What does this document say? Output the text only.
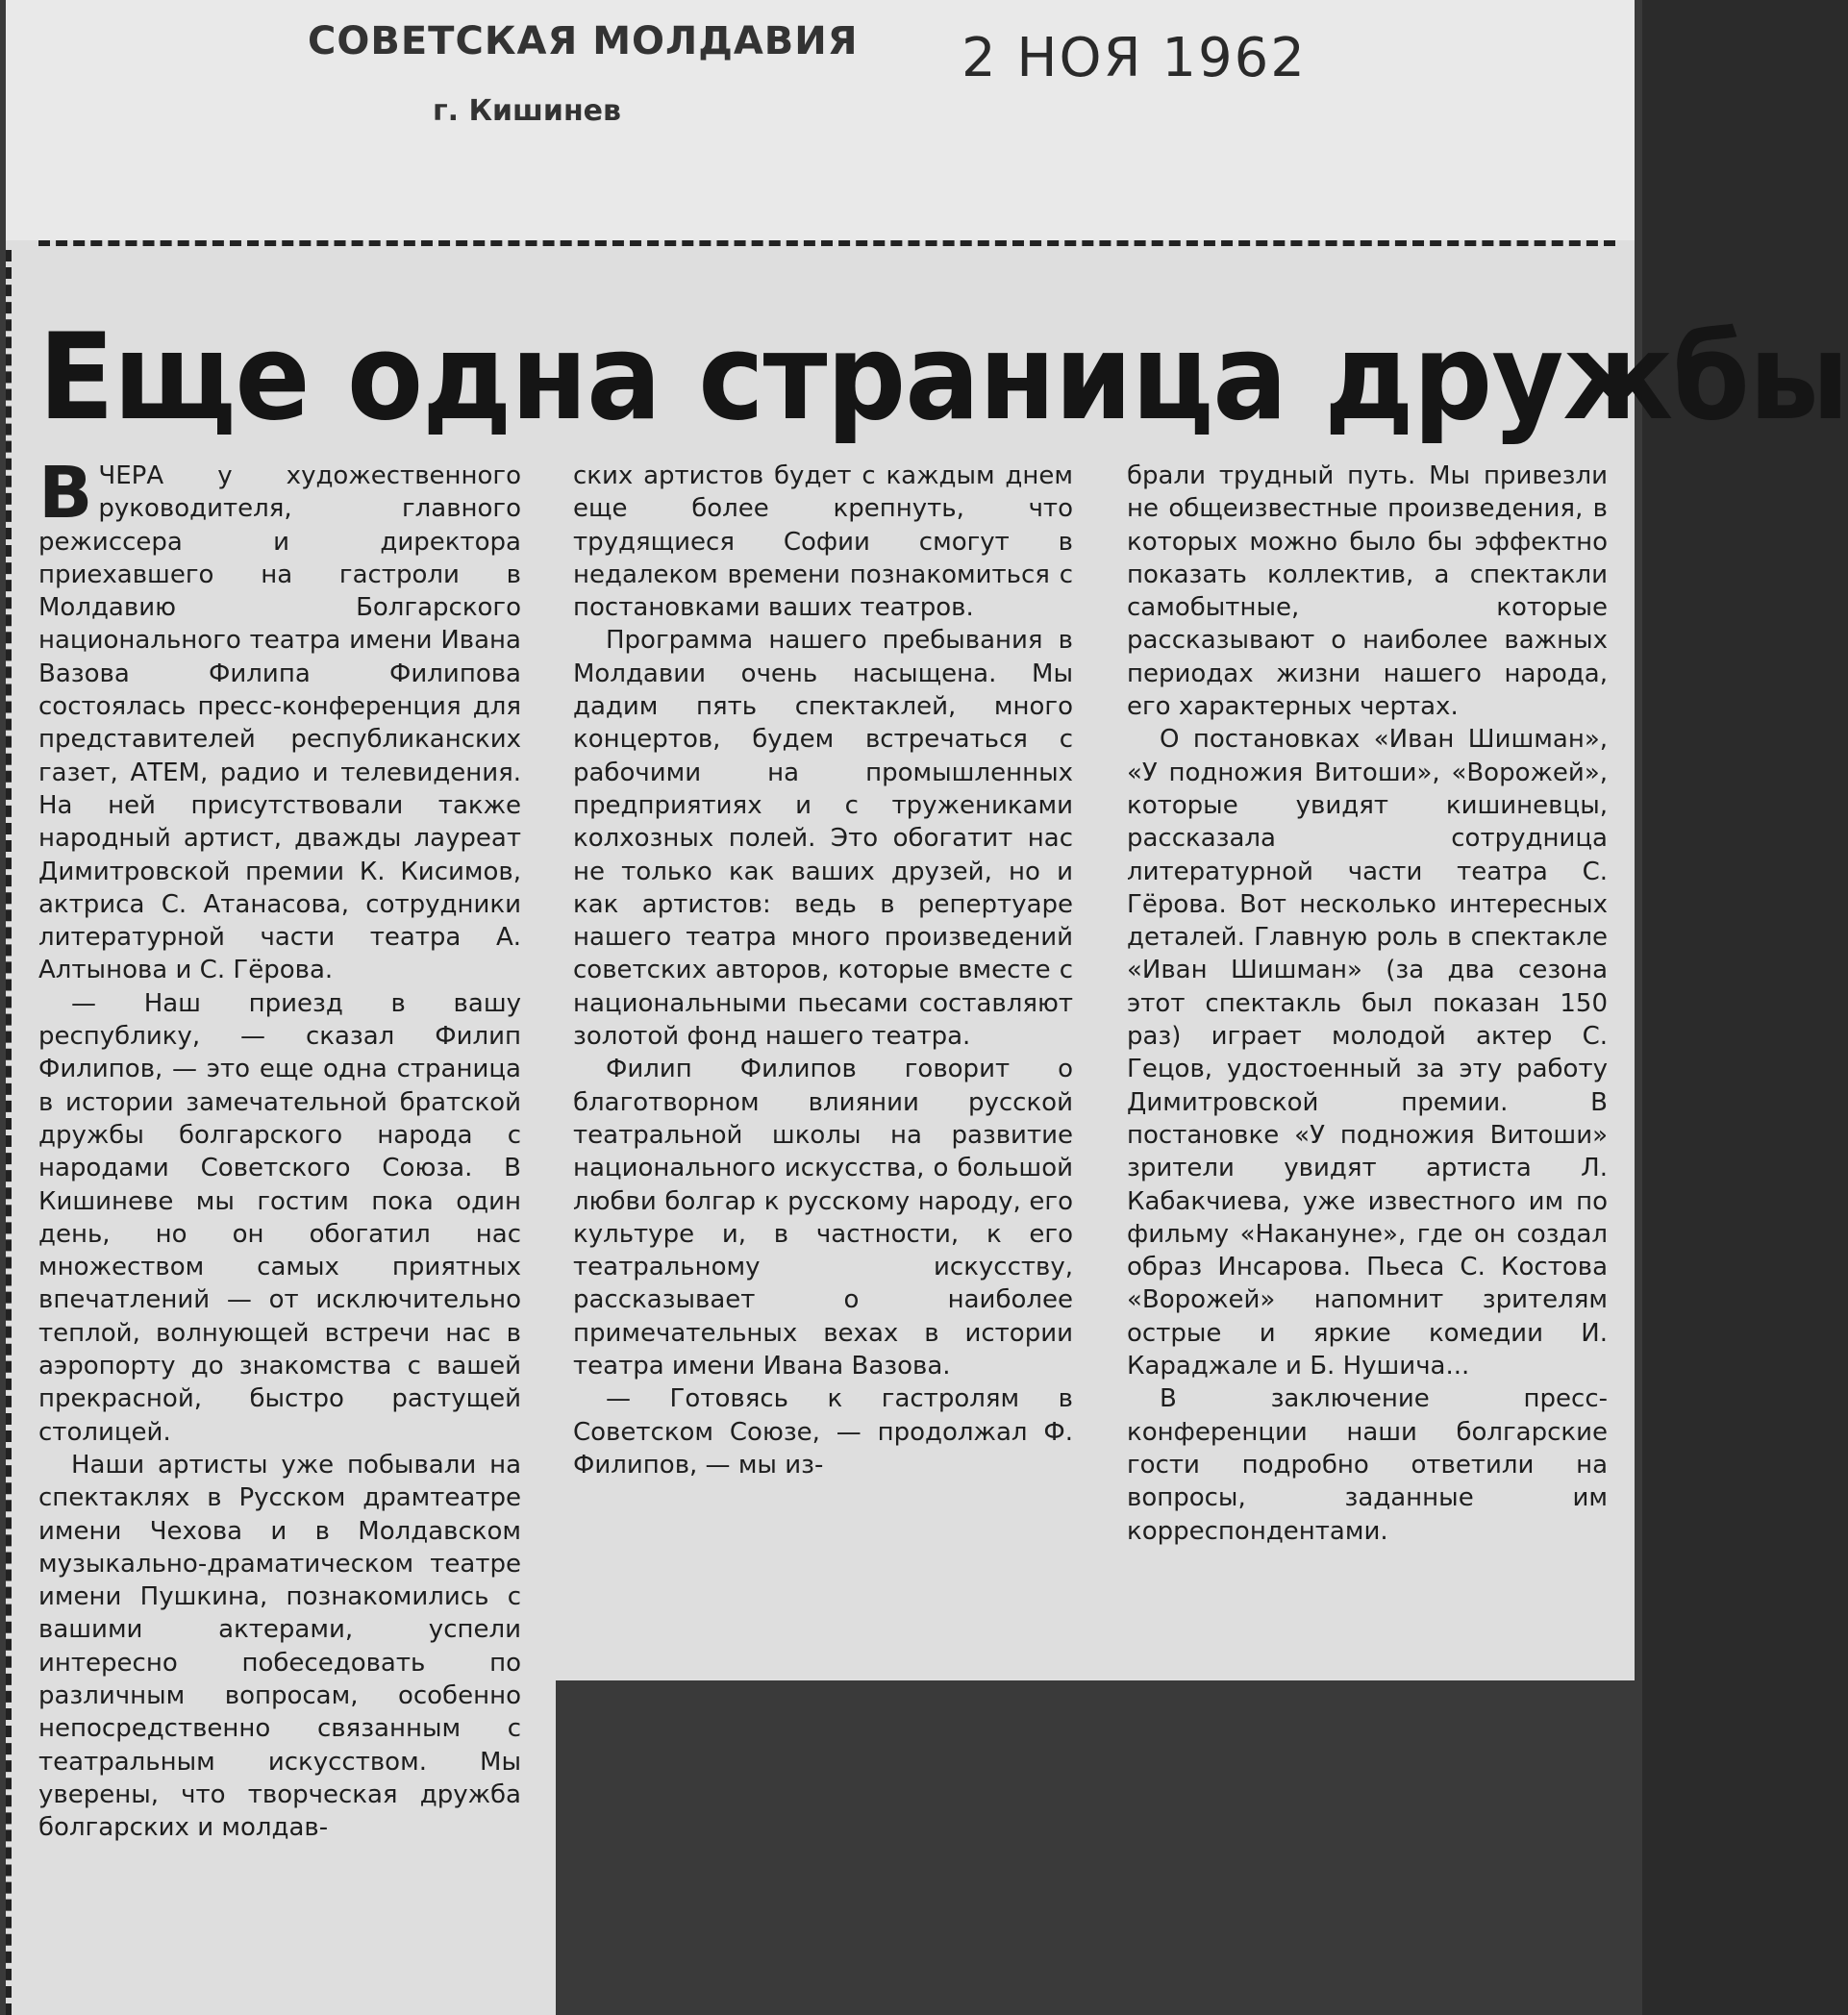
СОВЕТСКАЯ МОЛДАВИЯ
г. Кишинев
2 НОЯ 1962
Еще одна страница дружбы

ВЧЕРА у художественного руководителя, главного режиссера и директора приехавшего на гастроли в Молдавию Болгарского национального театра имени Ивана Вазова Филипа Филипова состоялась пресс-конференция для представителей республиканских газет, АТЕМ, радио и телевидения. На ней присутствовали также народный артист, дважды лауреат Димитровской премии К. Кисимов, актриса С. Атанасова, сотрудники литературной части театра А. Алтынова и С. Гёрова.

— Наш приезд в вашу республику, — сказал Филип Филипов, — это еще одна страница в истории замечательной братской дружбы болгарского народа с народами Советского Союза. В Кишиневе мы гостим пока один день, но он обогатил нас множеством самых приятных впечатлений — от исключительно теплой, волнующей встречи нас в аэропорту до знакомства с вашей прекрасной, быстро растущей столицей.

Наши артисты уже побывали на спектаклях в Русском драмтеатре имени Чехова и в Молдавском музыкально-драматическом театре имени Пушкина, познакомились с вашими актерами, успели интересно побеседовать по различным вопросам, особенно непосредственно связанным с театральным искусством. Мы уверены, что творческая дружба болгарских и молдав-

ских артистов будет с каждым днем еще более крепнуть, что трудящиеся Софии смогут в недалеком времени познакомиться с постановками ваших театров.

Программа нашего пребывания в Молдавии очень насыщена. Мы дадим пять спектаклей, много концертов, будем встречаться с рабочими на промышленных предприятиях и с тружениками колхозных полей. Это обогатит нас не только как ваших друзей, но и как артистов: ведь в репертуаре нашего театра много произведений советских авторов, которые вместе с национальными пьесами составляют золотой фонд нашего театра.

Филип Филипов говорит о благотворном влиянии русской театральной школы на развитие национального искусства, о большой любви болгар к русскому народу, его культуре и, в частности, к его театральному искусству, рассказывает о наиболее примечательных вехах в истории театра имени Ивана Вазова.

— Готовясь к гастролям в Советском Союзе, — продолжал Ф. Филипов, — мы из-

брали трудный путь. Мы привезли не общеизвестные произведения, в которых можно было бы эффектно показать коллектив, а спектакли самобытные, которые рассказывают о наиболее важных периодах жизни нашего народа, его характерных чертах.

О постановках «Иван Шишман», «У подножия Витоши», «Ворожей», которые увидят кишиневцы, рассказала сотрудница литературной части театра С. Гёрова. Вот несколько интересных деталей. Главную роль в спектакле «Иван Шишман» (за два сезона этот спектакль был показан 150 раз) играет молодой актер С. Гецов, удостоенный за эту работу Димитровской премии. В постановке «У подножия Витоши» зрители увидят артиста Л. Кабакчиева, уже известного им по фильму «Накануне», где он создал образ Инсарова. Пьеса С. Костова «Ворожей» напомнит зрителям острые и яркие комедии И. Караджале и Б. Нушича...

В заключение пресс-конференции наши болгарские гости подробно ответили на вопросы, заданные им корреспондентами.
